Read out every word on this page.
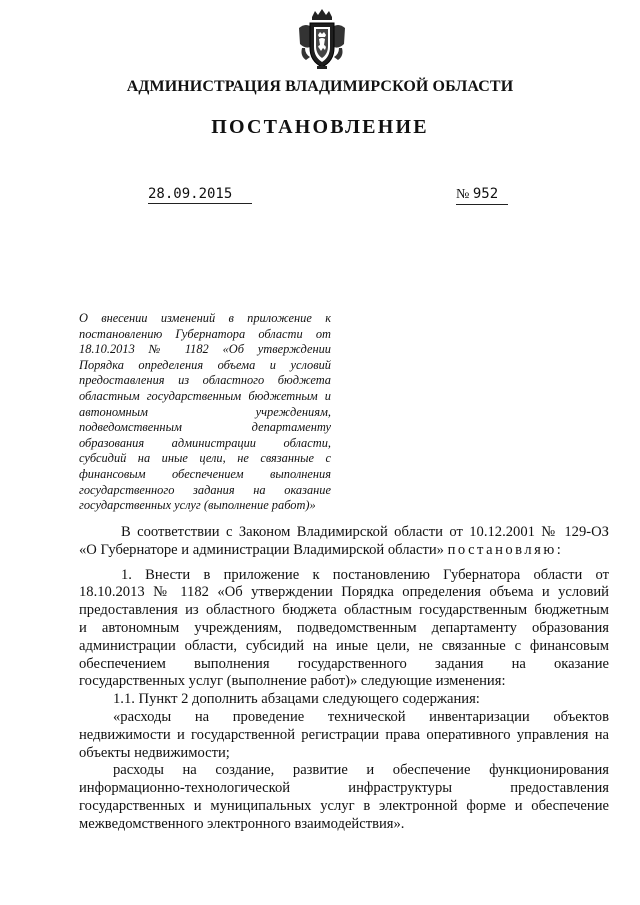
АДМИНИСТРАЦИЯ ВЛАДИМИРСКОЙ ОБЛАСТИ
ПОСТАНОВЛЕНИЕ
28.09.2015	№ 952
О внесении изменений в приложение к
постановлению Губернатора области от
18.10.2013 № 1182 «Об утверждении
Порядка определения объема и условий
предоставления из областного бюджета
областным государственным бюджетным и
автономным учреждениям,
подведомственным департаменту
образования администрации области,
субсидий на иные цели, не связанные с
финансовым обеспечением выполнения
государственного задания на оказание
государственных услуг (выполнение работ)»
В соответствии с Законом Владимирской области от 10.12.2001 № 129-ОЗ
«О Губернаторе и администрации Владимирской области» постановляю:
1. Внести в приложение к постановлению Губернатора области от
18.10.2013 № 1182 «Об утверждении Порядка определения объема и условий
предоставления из областного бюджета областным государственным бюджетным
и автономным учреждениям, подведомственным департаменту образования
администрации области, субсидий на иные цели, не связанные с финансовым
обеспечением выполнения государственного задания на оказание
государственных услуг (выполнение работ)» следующие изменения:
1.1. Пункт 2 дополнить абзацами следующего содержания:
«расходы на проведение технической инвентаризации объектов
недвижимости и государственной регистрации права оперативного управления на
объекты недвижимости;
расходы на создание, развитие и обеспечение функционирования
информационно-технологической инфраструктуры предоставления
государственных и муниципальных услуг в электронной форме и обеспечение
межведомственного электронного взаимодействия».
